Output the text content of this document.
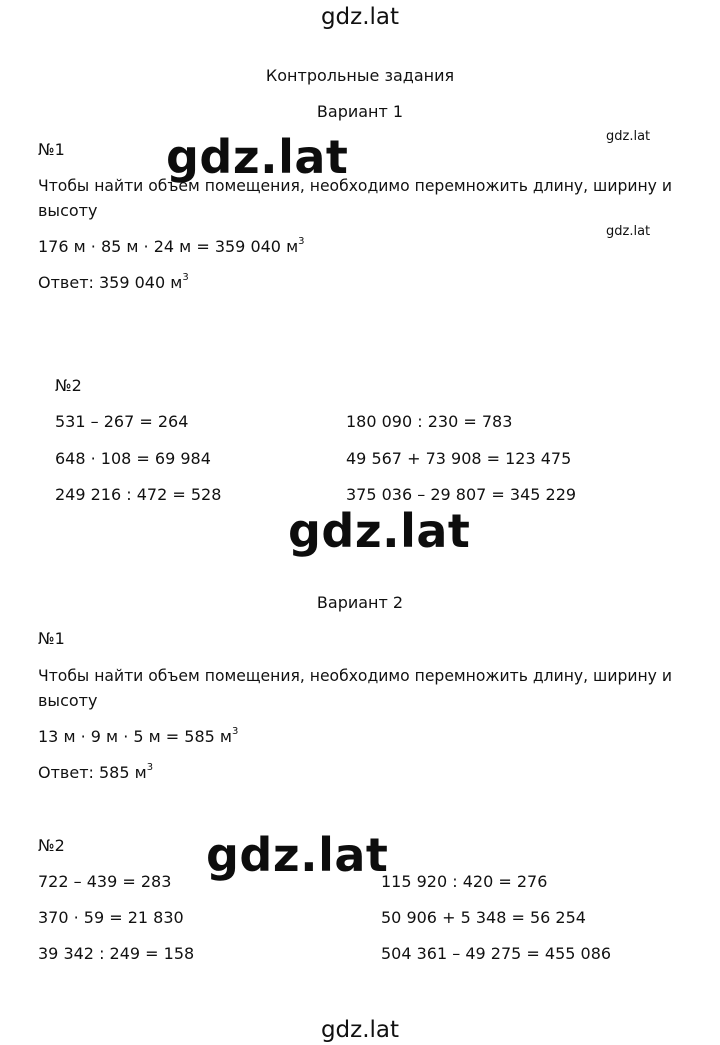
gdz.lat
Контрольные задания
Вариант 1
gdz.lat
gdz.lat
№1 gdz.lat
Чтобы найти объем помещения, необходимо перемножить длину, ширину и
высоту
176 м · 85 м · 24 м = 359 040 $м^3$
Ответ: 359 040 $м^3$
№2
531 – 267 = 264
648 · 108 = 69 984
249 216 : 472 = 528
180 090 : 230 = 783
49 567 + 73 908 = 123 475
375 036 – 29 807 = 345 229
gdz.lat
Вариант 2
№1
Чтобы найти объем помещения, необходимо перемножить длину, ширину и
высоту
13 м · 9 м · 5 м = 585 $м^3$
Ответ: 585 $м^3$
№2	gdz.lat
722 – 439 = 283
370 · 59 = 21 830
39 342 : 249 = 158
115 920 : 420 = 276
50 906 + 5 348 = 56 254
504 361 – 49 275 = 455 086
gdz.lat
